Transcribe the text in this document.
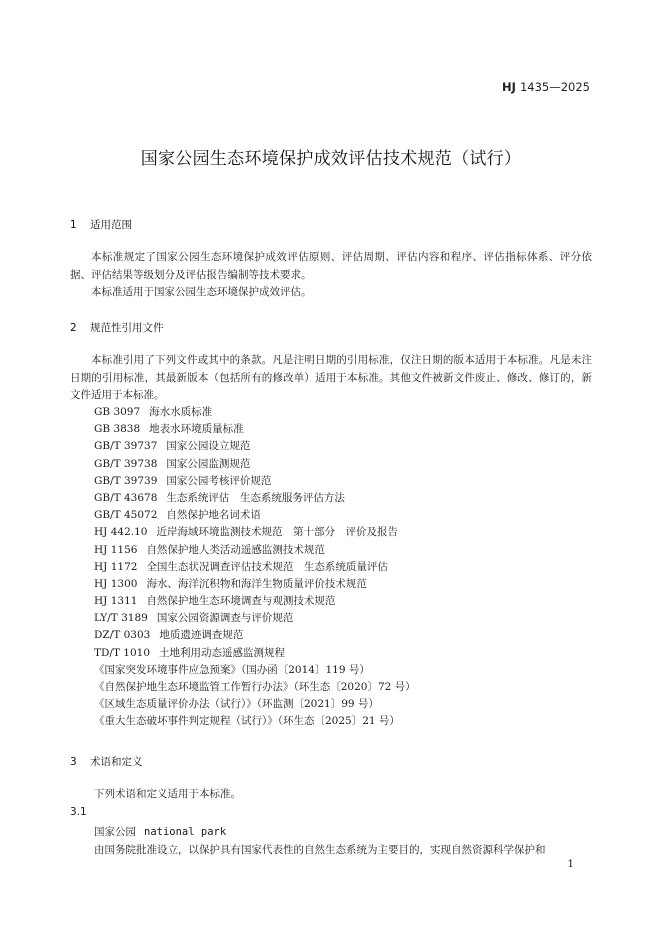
HJ 1435—2025
国家公园生态环境保护成效评估技术规范（试行）
1 适用范围
本标准规定了国家公园生态环境保护成效评估原则、评估周期、评估内容和程序、评估指标体系、评分依据、评估结果等级划分及评估报告编制等技术要求。
本标准适用于国家公园生态环境保护成效评估。
2 规范性引用文件
本标准引用了下列文件或其中的条款。凡是注明日期的引用标准，仅注日期的版本适用于本标准。凡是未注日期的引用标准，其最新版本（包括所有的修改单）适用于本标准。其他文件被新文件废止、修改、修订的，新文件适用于本标准。
GB 3097 海水水质标准
GB 3838 地表水环境质量标准
GB/T 39737 国家公园设立规范
GB/T 39738 国家公园监测规范
GB/T 39739 国家公园考核评价规范
GB/T 43678 生态系统评估　生态系统服务评估方法
GB/T 45072 自然保护地名词术语
HJ 442.10 近岸海域环境监测技术规范　第十部分　评价及报告
HJ 1156 自然保护地人类活动遥感监测技术规范
HJ 1172 全国生态状况调查评估技术规范　生态系统质量评估
HJ 1300 海水、海洋沉积物和海洋生物质量评价技术规范
HJ 1311 自然保护地生态环境调查与观测技术规范
LY/T 3189 国家公园资源调查与评价规范
DZ/T 0303 地质遗迹调查规范
TD/T 1010 土地利用动态遥感监测规程
《国家突发环境事件应急预案》（国办函〔2014〕119 号）
《自然保护地生态环境监管工作暂行办法》（环生态〔2020〕72 号）
《区域生态质量评价办法（试行）》（环监测〔2021〕99 号）
《重大生态破坏事件判定规程（试行）》（环生态〔2025〕21 号）
3 术语和定义
下列术语和定义适用于本标准。
3.1
国家公园 national park
由国务院批准设立，以保护具有国家代表性的自然生态系统为主要目的，实现自然资源科学保护和
1
